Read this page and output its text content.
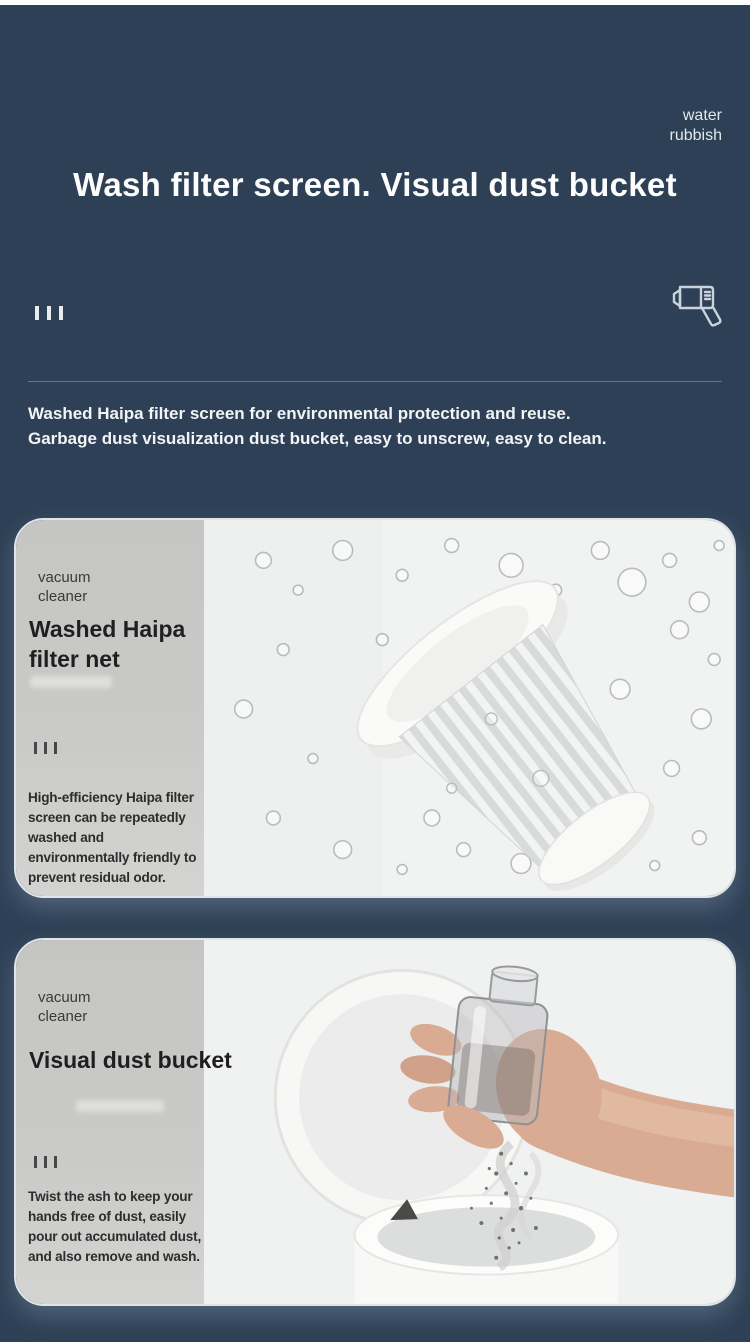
water
rubbish
Wash filter screen. Visual dust bucket

Washed Haipa filter screen for environmental protection and reuse.
Garbage dust visualization dust bucket, easy to unscrew, easy to clean.

vacuum
cleaner

Washed Haipa
filter net

High-efficiency Haipa filter screen can be repeatedly washed and environmentally friendly to prevent residual odor.

vacuum
cleaner

Visual dust bucket

Twist the ash to keep your hands free of dust, easily pour out accumulated dust, and also remove and wash.
